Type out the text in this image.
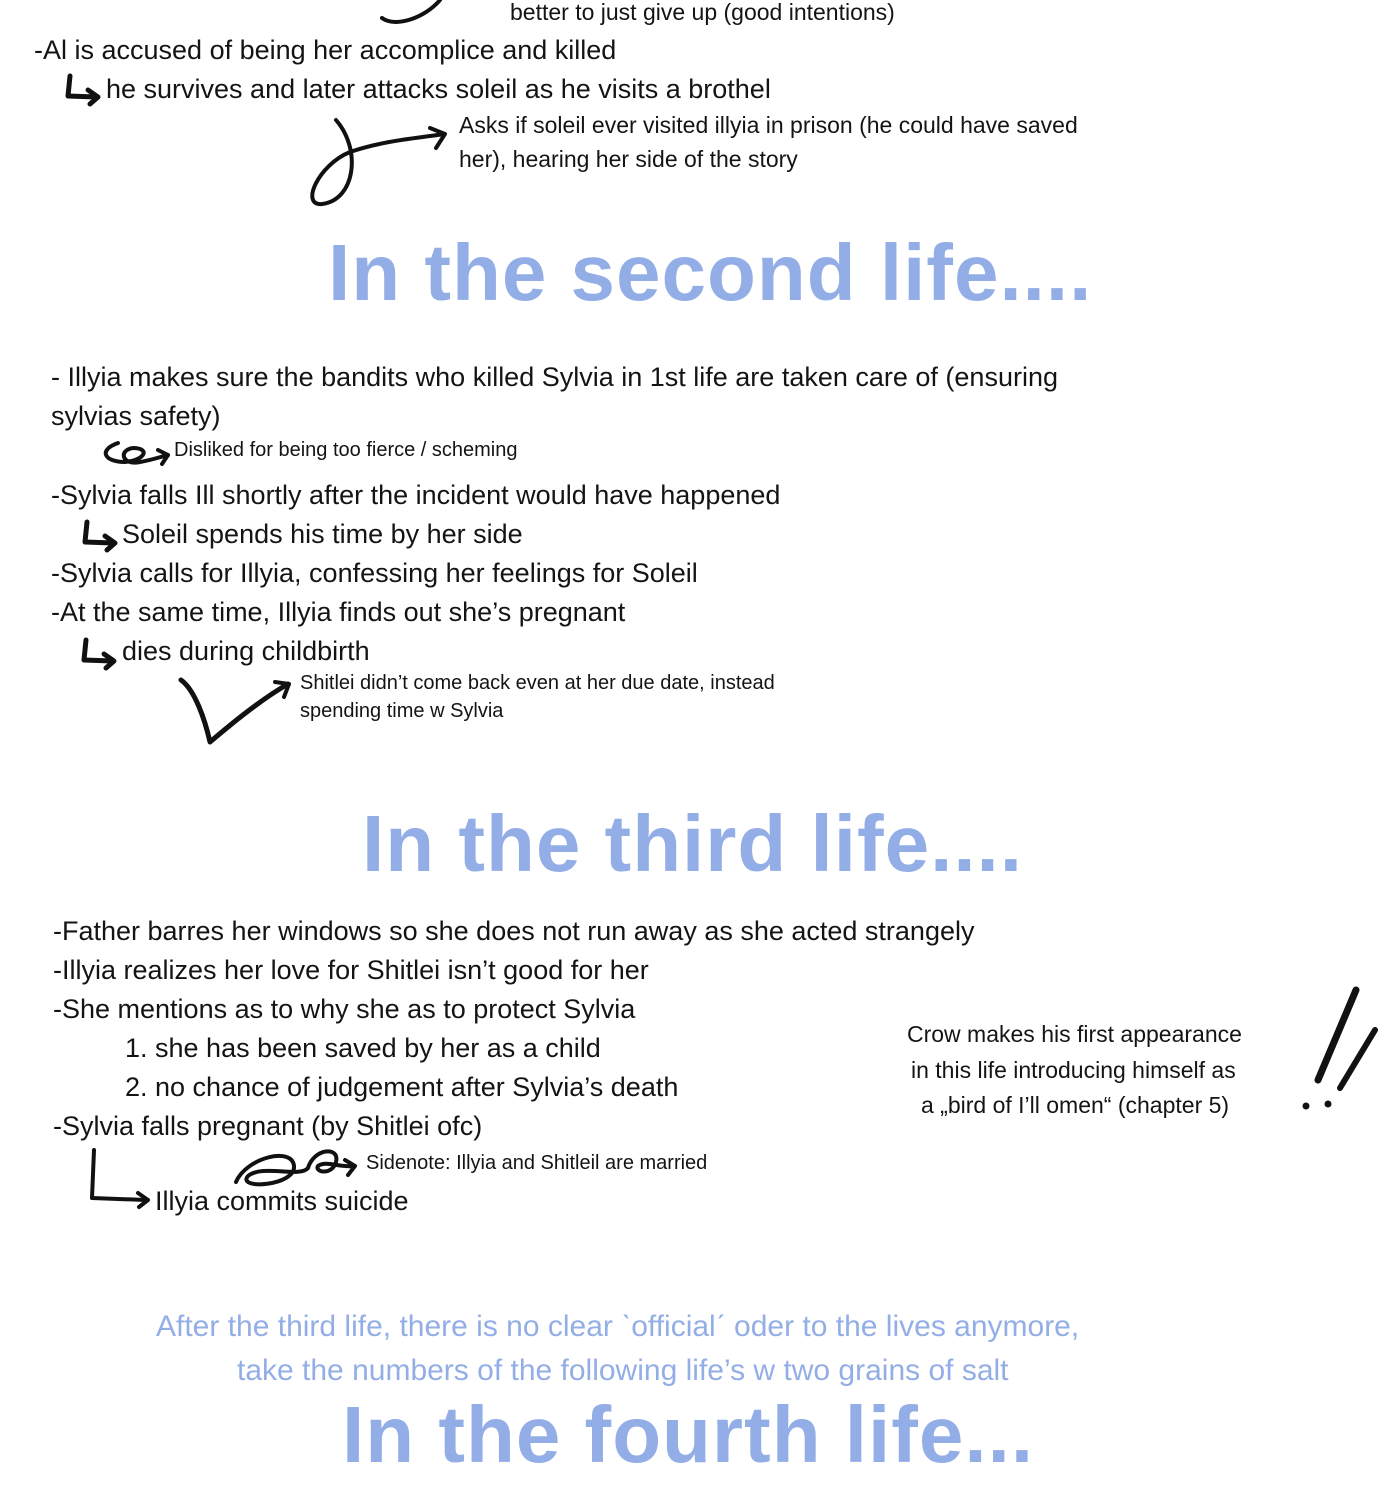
better to just give up (good intentions)

-Al is accused of being her accomplice and killed

he survives and later attacks soleil as he visits a brothel

Asks if soleil ever visited illyia in prison (he could have saved

her), hearing her side of the story

In the second life....

- Illyia makes sure the bandits who killed Sylvia in 1st life are taken care of (ensuring

sylvias safety)

Disliked for being too fierce / scheming

-Sylvia falls Ill shortly after the incident would have happened

Soleil spends his time by her side

-Sylvia calls for Illyia, confessing her feelings for Soleil

-At the same time, Illyia finds out she’s pregnant

dies during childbirth

Shitlei didn’t come back even at her due date, instead

spending time w Sylvia

In the third life....

-Father barres her windows so she does not run away as she acted strangely

-Illyia realizes her love for Shitlei isn’t good for her

-She mentions as to why she as to protect Sylvia

1. she has been saved by her as a child

2. no chance of judgement after Sylvia’s death

-Sylvia falls pregnant (by Shitlei ofc)

Sidenote: Illyia and Shitleil are married

Illyia commits suicide

Crow makes his first appearance

in this life introducing himself as

a „bird of I’ll omen“ (chapter 5)

After the third life, there is no clear ˋofficialˊ oder to the lives anymore,

take the numbers of the following life’s w two grains of salt

In the fourth life...
